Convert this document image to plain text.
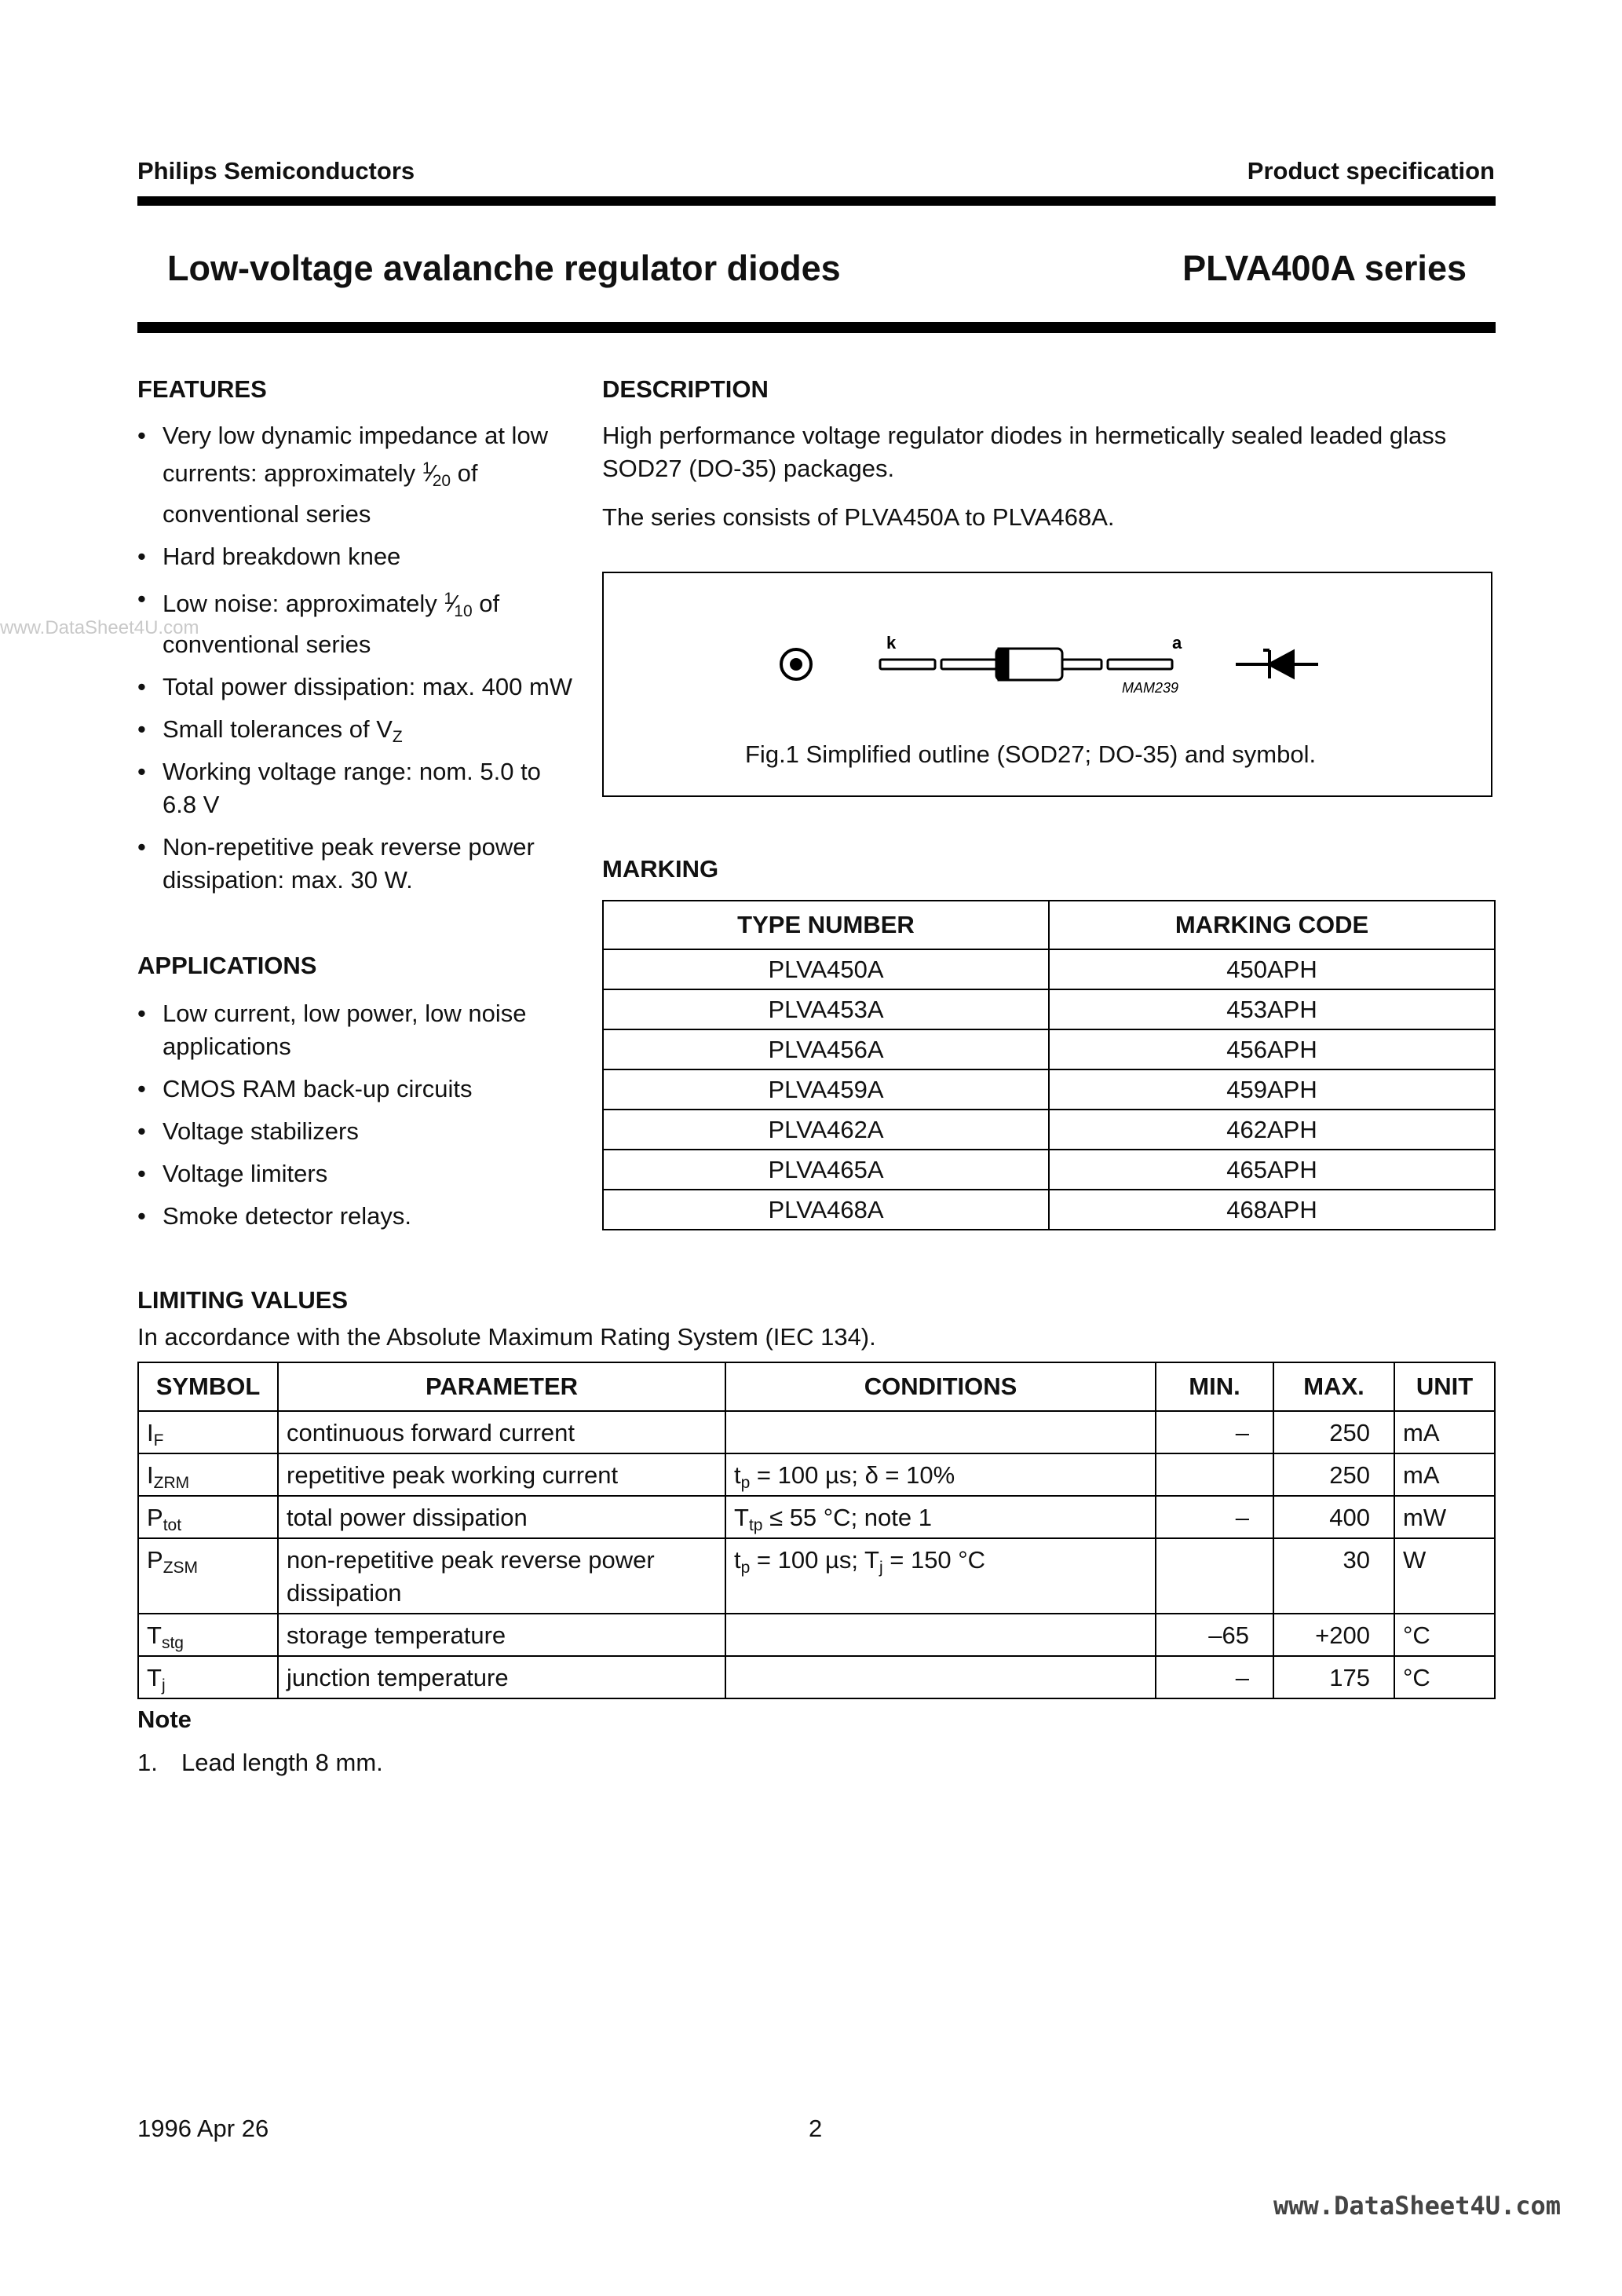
Philips Semiconductors	Product specification
Low-voltage avalanche regulator diodes	PLVA400A series
FEATURES
• Very low dynamic impedance at low currents: approximately $^1$⁄20 of conventional series
• Hard breakdown knee
• Low noise: approximately $^1$⁄10 of conventional series
• Total power dissipation: max. 400 mW
• Small tolerances of $V_Z$
• Working voltage range: nom. 5.0 to 6.8 V
• Non-repetitive peak reverse power dissipation: max. 30 W.
www.DataSheet4U.com
APPLICATIONS
• Low current, low power, low noise applications
• CMOS RAM back-up circuits
• Voltage stabilizers
• Voltage limiters
• Smoke detector relays.
DESCRIPTION
High performance voltage regulator diodes in hermetically sealed leaded glass SOD27 (DO-35) packages.
The series consists of PLVA450A to PLVA468A.
k	a
MAM239
Fig.1 Simplified outline (SOD27; DO-35) and symbol.
MARKING
TYPE NUMBER	MARKING CODE
PLVA450A	450APH
PLVA453A	453APH
PLVA456A	456APH
PLVA459A	459APH
PLVA462A	462APH
PLVA465A	465APH
PLVA468A	468APH
LIMITING VALUES
In accordance with the Absolute Maximum Rating System (IEC 134).
SYMBOL	PARAMETER	CONDITIONS	MIN.	MAX.	UNIT
$I_F$	continuous forward current		–	250	mA
$I_{ZRM}$	repetitive peak working current	$t_p = 100$ µs; δ = 10%		250	mA
$P_{tot}$	total power dissipation	$T_{tp} \le 55$ °C; note 1	–	400	mW
$P_{ZSM}$	non-repetitive peak reverse power dissipation	$t_p = 100$ µs; $T_j = 150$ °C		30	W
$T_{stg}$	storage temperature		–65	+200	°C
$T_j$	junction temperature		–	175	°C
Note
1. Lead length 8 mm.
1996 Apr 26	2
www.DataSheet4U.com
